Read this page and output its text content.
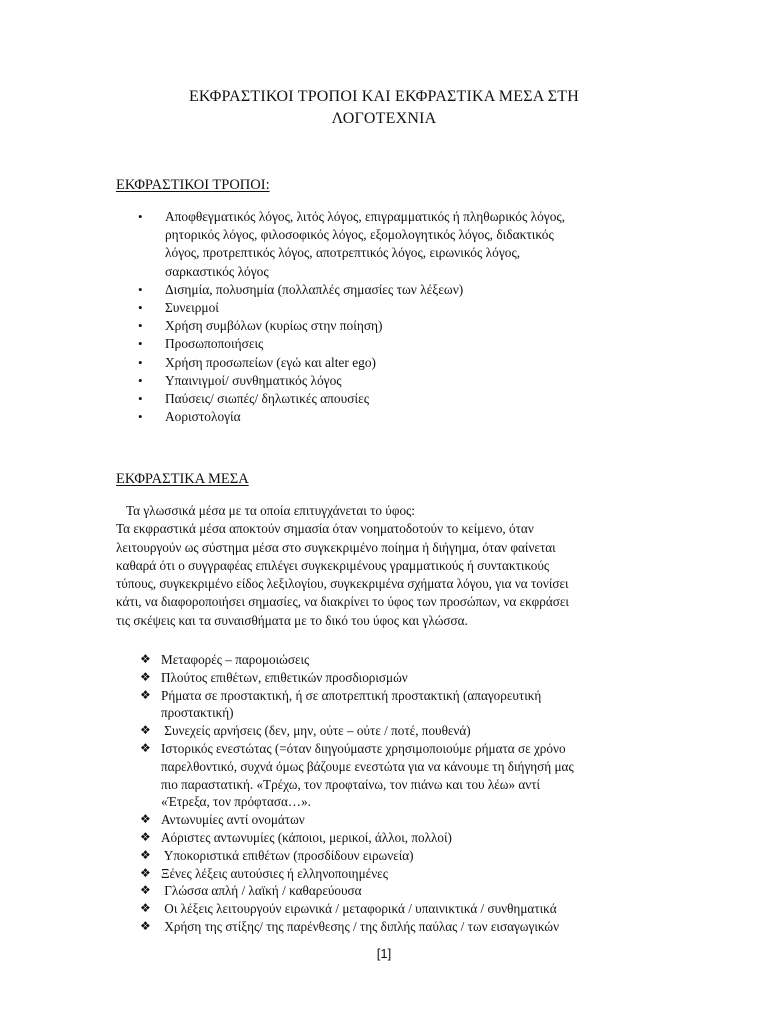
ΕΚΦΡΑΣΤΙΚΟΙ ΤΡΟΠΟΙ ΚΑΙ ΕΚΦΡΑΣΤΙΚΑ ΜΕΣΑ ΣΤΗ
ΛΟΓΟΤΕΧΝΙΑ
ΕΚΦΡΑΣΤΙΚΟΙ ΤΡΟΠΟΙ:
• Αποφθεγματικός λόγος, λιτός λόγος, επιγραμματικός ή πληθωρικός λόγος,
ρητορικός λόγος, φιλοσοφικός λόγος, εξομολογητικός λόγος, διδακτικός
λόγος, προτρεπτικός λόγος, αποτρεπτικός λόγος, ειρωνικός λόγος,
σαρκαστικός λόγος
• Δισημία, πολυσημία (πολλαπλές σημασίες των λέξεων)
• Συνειρμοί
• Χρήση συμβόλων (κυρίως στην ποίηση)
• Προσωποποιήσεις
• Χρήση προσωπείων (εγώ και alter ego)
• Υπαινιγμοί/ συνθηματικός λόγος
• Παύσεις/ σιωπές/ δηλωτικές απουσίες
• Αοριστολογία
ΕΚΦΡΑΣΤΙΚΑ ΜΕΣΑ
Τα γλωσσικά μέσα με τα οποία επιτυγχάνεται το ύφος:
Τα εκφραστικά μέσα αποκτούν σημασία όταν νοηματοδοτούν το κείμενο, όταν
λειτουργούν ως σύστημα μέσα στο συγκεκριμένο ποίημα ή διήγημα, όταν φαίνεται
καθαρά ότι ο συγγραφέας επιλέγει συγκεκριμένους γραμματικούς ή συντακτικούς
τύπους, συγκεκριμένο είδος λεξιλογίου, συγκεκριμένα σχήματα λόγου, για να τονίσει
κάτι, να διαφοροποιήσει σημασίες, να διακρίνει το ύφος των προσώπων, να εκφράσει
τις σκέψεις και τα συναισθήματα με το δικό του ύφος και γλώσσα.
❖ Μεταφορές – παρομοιώσεις
❖ Πλούτος επιθέτων, επιθετικών προσδιορισμών
❖ Ρήματα σε προστακτική, ή σε αποτρεπτική προστακτική (απαγορευτική
προστακτική)
❖ Συνεχείς αρνήσεις (δεν, μην, ούτε – ούτε / ποτέ, πουθενά)
❖ Ιστορικός ενεστώτας (=όταν διηγούμαστε χρησιμοποιούμε ρήματα σε χρόνο
παρελθοντικό, συχνά όμως βάζουμε ενεστώτα για να κάνουμε τη διήγησή μας
πιο παραστατική. «Τρέχω, τον προφταίνω, τον πιάνω και του λέω» αντί
«Έτρεξα, τον πρόφτασα…».
❖ Αντωνυμίες αντί ονομάτων
❖ Αόριστες αντωνυμίες (κάποιοι, μερικοί, άλλοι, πολλοί)
❖ Υποκοριστικά επιθέτων (προσδίδουν ειρωνεία)
❖ Ξένες λέξεις αυτούσιες ή ελληνοποιημένες
❖ Γλώσσα απλή / λαϊκή / καθαρεύουσα
❖ Οι λέξεις λειτουργούν ειρωνικά / μεταφορικά / υπαινικτικά / συνθηματικά
❖ Χρήση της στίξης/ της παρένθεσης / της διπλής παύλας / των εισαγωγικών
[1]
